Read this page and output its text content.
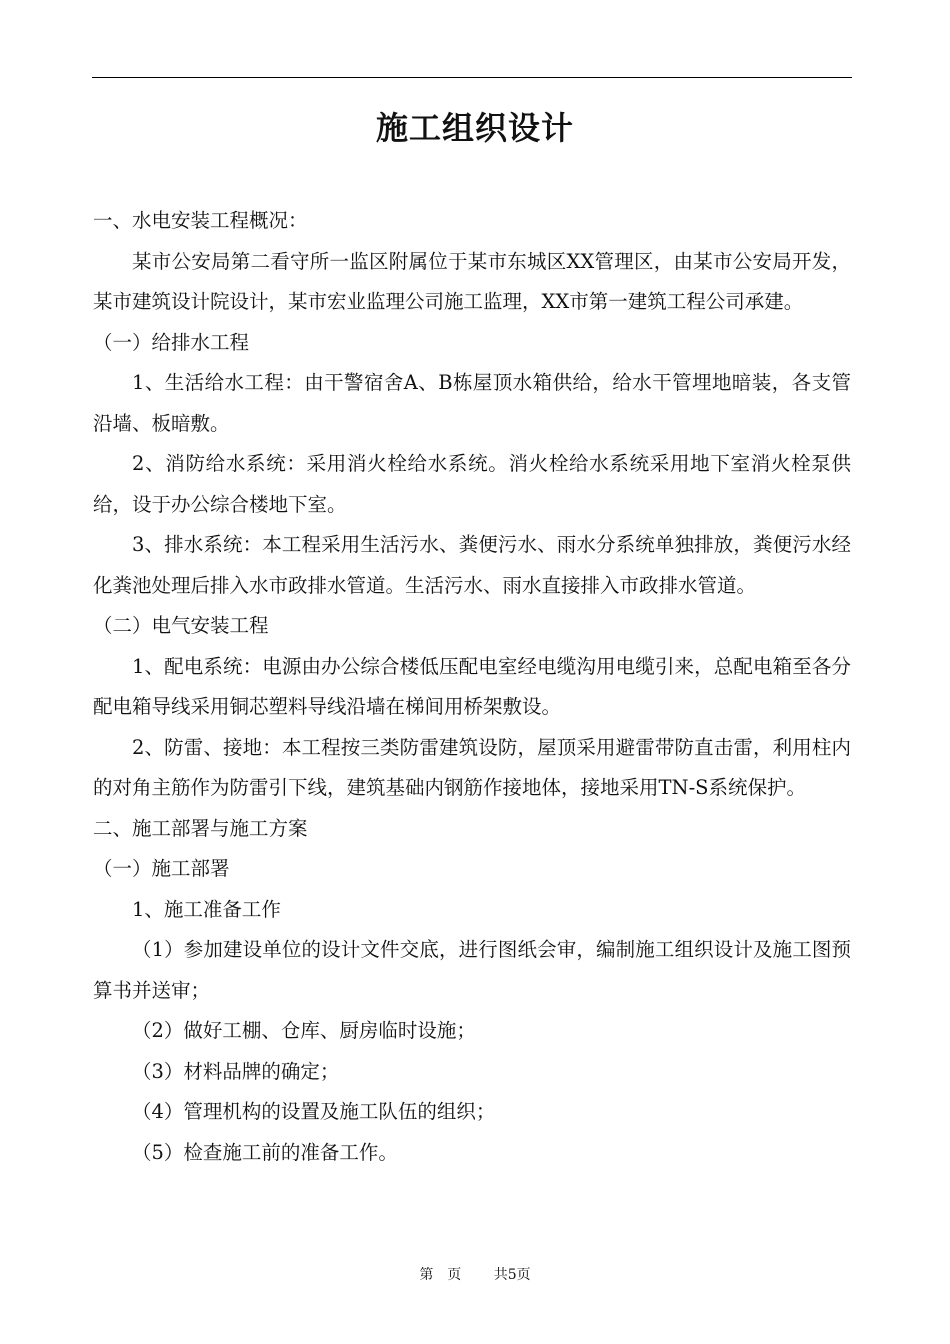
施工组织设计

一、水电安装工程概况：

某市公安局第二看守所一监区附属位于某市东城区XX管理区，由某市公安局开发，某市建筑设计院设计，某市宏业监理公司施工监理，XX市第一建筑工程公司承建。

（一）给排水工程

1、生活给水工程：由干警宿舍A、B栋屋顶水箱供给，给水干管埋地暗装，各支管沿墙、板暗敷。

2、消防给水系统：采用消火栓给水系统。消火栓给水系统采用地下室消火栓泵供给，设于办公综合楼地下室。

3、排水系统：本工程采用生活污水、粪便污水、雨水分系统单独排放，粪便污水经化粪池处理后排入水市政排水管道。生活污水、雨水直接排入市政排水管道。

（二）电气安装工程

1、配电系统：电源由办公综合楼低压配电室经电缆沟用电缆引来，总配电箱至各分配电箱导线采用铜芯塑料导线沿墙在梯间用桥架敷设。

2、防雷、接地：本工程按三类防雷建筑设防，屋顶采用避雷带防直击雷，利用柱内的对角主筋作为防雷引下线，建筑基础内钢筋作接地体，接地采用TN-S系统保护。

二、施工部署与施工方案

（一）施工部署

1、施工准备工作

（1）参加建设单位的设计文件交底，进行图纸会审，编制施工组织设计及施工图预算书并送审；

（2）做好工棚、仓库、厨房临时设施；

（3）材料品牌的确定；

（4）管理机构的设置及施工队伍的组织；

（5）检查施工前的准备工作。

第　页 共5页
